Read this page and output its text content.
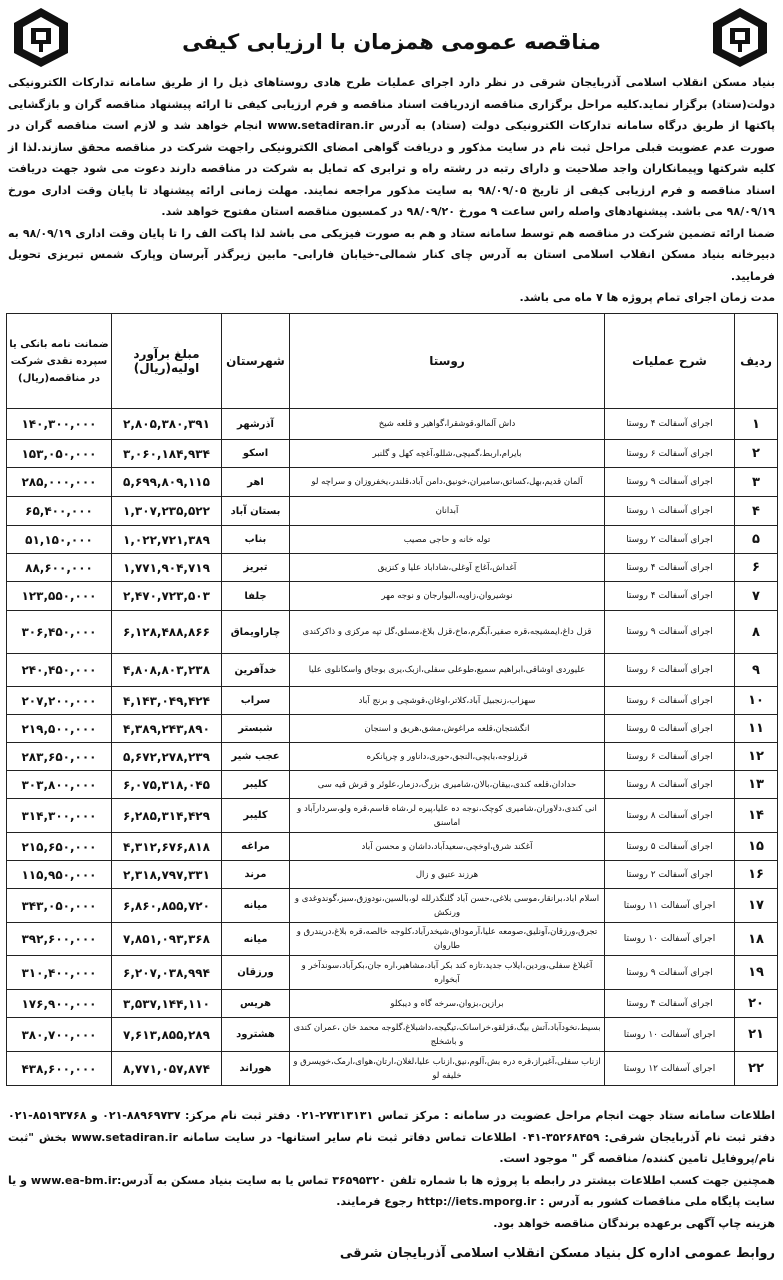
مناقصه عمومی همزمان با ارزیابی کیفی

بنیاد مسکن انقلاب اسلامی آذربایجان شرقی در نظر دارد اجرای عملیات طرح هادی روستاهای ذیل را از طریق سامانه تدارکات الکترونیکی دولت(ستاد) برگزار نماید.کلیه مراحل برگزاری مناقصه ازدریافت اسناد مناقصه و فرم ارزیابی کیفی تا ارائه پیشنهاد مناقصه گران و بازگشایی پاکتها از طریق درگاه سامانه تدارکات الکترونیکی دولت (ستاد) به آدرس www.setadiran.ir انجام خواهد شد و لازم است مناقصه گران در صورت عدم عضویت قبلی مراحل ثبت نام در سایت مذکور و دریافت گواهی امضای الکترونیکی راجهت شرکت در مناقصه محقق سازند.لذا از کلیه شرکتها وپیمانکاران واجد صلاحیت و دارای رتبه در رشته راه و ترابری که تمایل به شرکت در مناقصه دارند دعوت می شود جهت دریافت اسناد مناقصه و فرم ارزیابی کیفی از تاریخ ۹۸/۰۹/۰۵ به سایت مذکور مراجعه نمایند. مهلت زمانی ارائه پیشنهاد تا پایان وقت اداری مورخ ۹۸/۰۹/۱۹ می باشد. پیشنهادهای واصله راس ساعت ۹ مورخ ۹۸/۰۹/۲۰ در کمسیون مناقصه استان مفتوح خواهد شد.

ضمنا ارائه تضمین شرکت در مناقصه هم توسط سامانه ستاد و هم به صورت فیزیکی می باشد لذا پاکت الف را تا پایان وقت اداری ۹۸/۰۹/۱۹ به دبیرخانه بنیاد مسکن انقلاب اسلامی استان به آدرس چای کنار شمالی-خیابان فارابی- مابین زیرگذر آبرسان وپارک شمس تبریزی تحویل فرمایید.

مدت زمان اجرای تمام پروژه ها ۷ ماه می باشد.

ردیف	شرح عملیات	روستا	شهرستان	مبلغ برآورد اولیه(ریال)	ضمانت نامه بانکی یا سپرده نقدی شرکت در مناقصه(ریال)
۱	اجرای آسفالت ۴ روستا	داش آلمالو،قوشقرا،گواهیر و قلعه شیخ	آذرشهر	۲,۸۰۵,۳۸۰,۳۹۱	۱۴۰,۳۰۰,۰۰۰
۲	اجرای آسفالت ۶ روستا	بایرام،اربط،گمیچی،شللو،آغچه کهل و گلنبر	اسکو	۳,۰۶۰,۱۸۴,۹۳۴	۱۵۳,۰۵۰,۰۰۰
۳	اجرای آسفالت ۹ روستا	آلمان قدیم،بهل،کساتق،ساميران،خونیق،دامن آباد،قلندر،یخفروزان و سراچه لو	اهر	۵,۶۹۹,۸۰۹,۱۱۵	۲۸۵,۰۰۰,۰۰۰
۴	اجرای آسفالت ۱ روستا	آبدانان	بستان آباد	۱,۳۰۷,۲۳۵,۵۲۲	۶۵,۴۰۰,۰۰۰
۵	اجرای آسفالت ۲ روستا	توله خانه و حاجی مصیب	بناب	۱,۰۲۲,۷۲۱,۳۸۹	۵۱,۱۵۰,۰۰۰
۶	اجرای آسفالت ۴ روستا	آغداش،آغاج آوغلی،شاداباد علیا و کنزیق	تبریز	۱,۷۷۱,۹۰۴,۷۱۹	۸۸,۶۰۰,۰۰۰
۷	اجرای آسفالت ۴ روستا	نوشیروان،زاویه،الیوارجان و نوجه مهر	جلفا	۲,۴۷۰,۷۲۳,۵۰۳	۱۲۳,۵۵۰,۰۰۰
۸	اجرای آسفالت ۹ روستا	قزل داغ،ایمشیجه،قره صفیر،آبگرم،ماخ،قزل بلاغ،مسلق،گل تپه مرکزی و ذاکرکندی	چاراویماق	۶,۱۲۸,۴۸۸,۸۶۶	۳۰۶,۴۵۰,۰۰۰
۹	اجرای آسفالت ۶ روستا	علیوردی اوشاقی،ابراهیم سمیع،طوعلی سفلی،ازبک،یری بوجاق واسکانلوی علیا	خدآفرین	۴,۸۰۸,۸۰۳,۲۳۸	۲۴۰,۴۵۰,۰۰۰
۱۰	اجرای آسفالت ۶ روستا	سهزاب،زنجبیل آباد،کلاتر،اوغان،قوشچی و برنج آباد	سراب	۴,۱۴۳,۰۴۹,۴۲۴	۲۰۷,۲۰۰,۰۰۰
۱۱	اجرای آسفالت ۵ روستا	انگشتجان،قلعه مراغوش،مشق،هریق و اسنجان	شبستر	۴,۳۸۹,۲۴۳,۸۹۰	۲۱۹,۵۰۰,۰۰۰
۱۲	اجرای آسفالت ۶ روستا	قرزلوجه،بایچی،النجق،حوری،داناور و چرپانکره	عجب شیر	۵,۶۷۲,۲۷۸,۲۳۹	۲۸۳,۶۵۰,۰۰۰
۱۳	اجرای آسفالت ۸ روستا	حدادان،قلعه کندی،بیقان،بالان،شامیری بزرگ،دزمار،علوئر و قرش قیه سی	کلیبر	۶,۰۷۵,۳۱۸,۰۴۵	۳۰۳,۸۰۰,۰۰۰
۱۴	اجرای آسفالت ۸ روستا	انی کندی،دلاوران،شامیری کوچک،نوجه ده علیا،پیره لر،شاه قاسم،قره ولو،سردارآباد و اماسنق	کلیبر	۶,۲۸۵,۳۱۴,۴۲۹	۳۱۴,۳۰۰,۰۰۰
۱۵	اجرای آسفالت ۵ روستا	آغکند شرق،اوخچی،سعیدآباد،داشان و محسن آباد	مراغه	۴,۳۱۲,۶۷۶,۸۱۸	۲۱۵,۶۵۰,۰۰۰
۱۶	اجرای آسفالت ۲ روستا	هرزند عتیق و زال	مرند	۲,۳۱۸,۷۹۷,۳۳۱	۱۱۵,۹۵۰,۰۰۰
۱۷	اجرای آسفالت ۱۱ روستا	اسلام اباد،برانقار،موسی بلاغی،حسن آباد گلنگذرلله لو،بالسین،نودوزق،سیز،گوندوغدی و ورنکش	میانه	۶,۸۶۰,۸۵۵,۷۲۰	۳۴۳,۰۵۰,۰۰۰
۱۸	اجرای آسفالت ۱۰ روستا	تجرق،ورزقان،آونلیق،صومعه علیا،آرموداق،شیخدرآباد،کلوجه خالصه،قره بلاغ،دریندرق و طاروان	میانه	۷,۸۵۱,۰۹۳,۳۶۸	۳۹۲,۶۰۰,۰۰۰
۱۹	اجرای آسفالت ۹ روستا	آغبلاغ سفلی،وردین،ایلاب جدید،تازه کند بکر آباد،مشاهیر،اره جان،بکرآباد،سوندآخر و آبخواره	ورزقان	۶,۲۰۷,۰۳۸,۹۹۴	۳۱۰,۴۰۰,۰۰۰
۲۰	اجرای آسفالت ۴ روستا	برازین،بزوان،سرخه گاه و دیبکلو	هریس	۳,۵۳۷,۱۴۴,۱۱۰	۱۷۶,۹۰۰,۰۰۰
۲۱	اجرای آسفالت ۱۰ روستا	بسیط،نخودآباد،آتش بیگ،قزلقو،خراسانک،تیگیجه،داشبلاغ،گلوجه محمد خان ،عمران کندی و باشخلج	هشترود	۷,۶۱۳,۸۵۵,۲۸۹	۳۸۰,۷۰۰,۰۰۰
۲۲	اجرای آسفالت ۱۲ روستا	ازناب سفلی،آغبراز،قره دره بش،آلوم،نیق،ازناب علیا،لغلان،ارتان،هوای،ارمک،خویسرق و خلیفه لو	هوراند	۸,۷۷۱,۰۵۷,۸۷۴	۴۳۸,۶۰۰,۰۰۰

اطلاعات سامانه ستاد جهت انجام مراحل عضویت در سامانه : مرکز تماس ۲۷۳۱۳۱۳۱-۰۲۱ دفتر ثبت نام مرکز: ۸۸۹۶۹۷۳۷-۰۲۱ و ۸۵۱۹۳۷۶۸-۰۲۱ دفتر ثبت نام آذربایجان شرقی: ۳۵۲۶۸۴۵۹-۰۴۱ اطلاعات تماس دفاتر ثبت نام سایر استانها- در سایت سامانه www.setadiran.ir بخش "ثبت نام/پروفایل تامین کننده/ مناقصه گر " موجود است.

همچنین جهت کسب اطلاعات بیشتر در رابطه با پروژه ها با شماره تلفن ۳۶۵۹۵۳۲۰ تماس یا به سایت بنیاد مسکن به آدرس:www.ea-bm.ir و یا سایت پایگاه ملی مناقصات کشور به آدرس : http://iets.mporg.ir رجوع فرمایند.

هزینه چاپ آگهی برعهده برندگان مناقصه خواهد بود.

روابط عمومی اداره کل بنیاد مسکن انقلاب اسلامی آذربایجان شرقی
